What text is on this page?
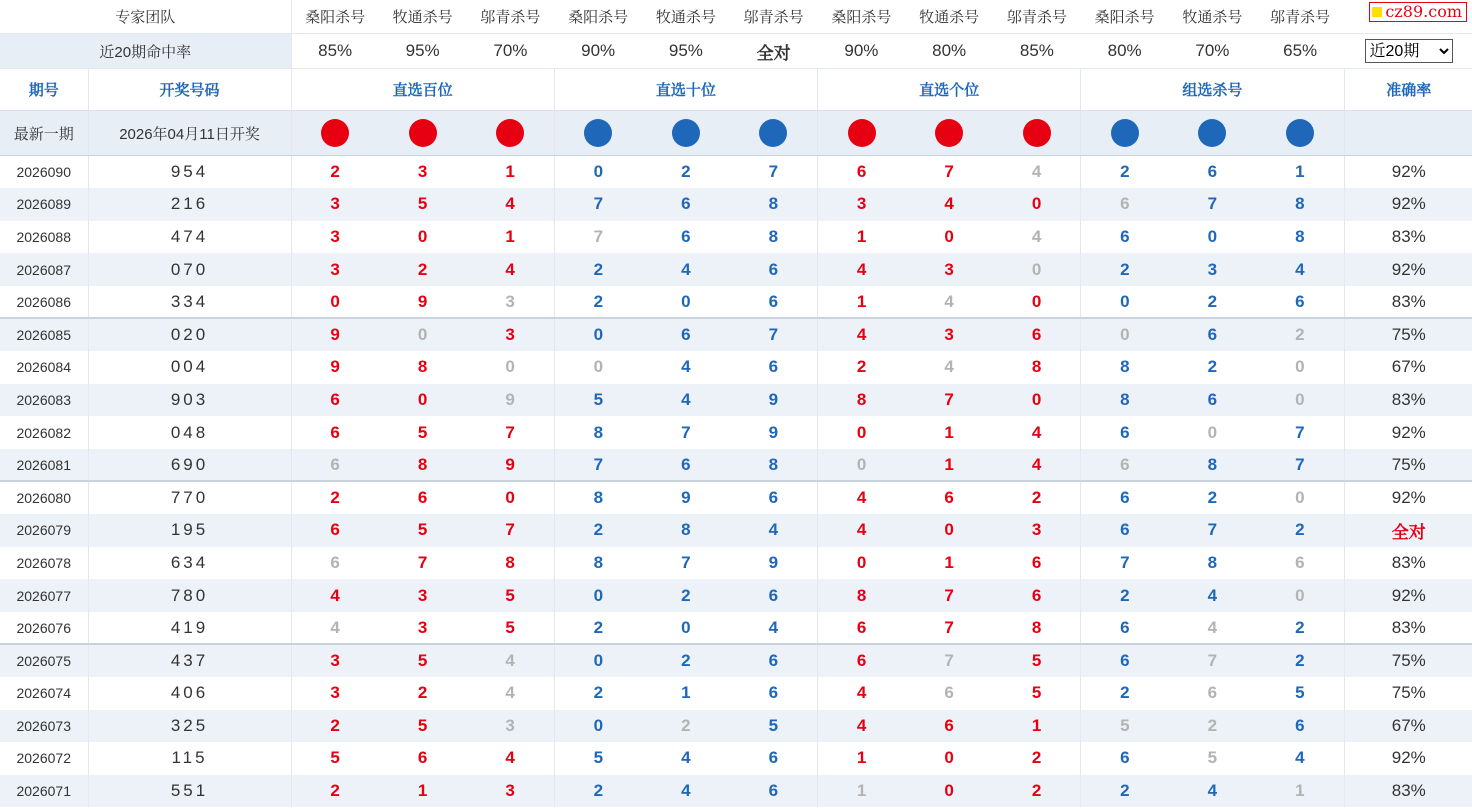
专家团队		桑阳杀号	牧通杀号	邬青杀号	桑阳杀号	牧通杀号	邬青杀号	桑阳杀号	牧通杀号	邬青杀号	桑阳杀号	牧通杀号	邬青杀号	cz89.com

近20期命中率		85%	95%	70%	90%	95%	全对	90%	80%	85%	80%	70%	65%	
近20期
期号	开奖号码	直选百位			直选十位			直选个位			组选杀号			准确率
最新一期	2026年04月11日开奖	9	8	2	6	5	4	3	6	4	6	8	2	
2026090	954	2	3	1	0	2	7	6	7	4	2	6	1	92%
2026089	216	3	5	4	7	6	8	3	4	0	6	7	8	92%
2026088	474	3	0	1	7	6	8	1	0	4	6	0	8	83%
2026087	070	3	2	4	2	4	6	4	3	0	2	3	4	92%
2026086	334	0	9	3	2	0	6	1	4	0	0	2	6	83%
2026085	020	9	0	3	0	6	7	4	3	6	0	6	2	75%
2026084	004	9	8	0	0	4	6	2	4	8	8	2	0	67%
2026083	903	6	0	9	5	4	9	8	7	0	8	6	0	83%
2026082	048	6	5	7	8	7	9	0	1	4	6	0	7	92%
2026081	690	6	8	9	7	6	8	0	1	4	6	8	7	75%
2026080	770	2	6	0	8	9	6	4	6	2	6	2	0	92%
2026079	195	6	5	7	2	8	4	4	0	3	6	7	2	全对
2026078	634	6	7	8	8	7	9	0	1	6	7	8	6	83%
2026077	780	4	3	5	0	2	6	8	7	6	2	4	0	92%
2026076	419	4	3	5	2	0	4	6	7	8	6	4	2	83%
2026075	437	3	5	4	0	2	6	6	7	5	6	7	2	75%
2026074	406	3	2	4	2	1	6	4	6	5	2	6	5	75%
2026073	325	2	5	3	0	2	5	4	6	1	5	2	6	67%
2026072	115	5	6	4	5	4	6	1	0	2	6	5	4	92%
2026071	551	2	1	3	2	4	6	1	0	2	2	4	1	83%
